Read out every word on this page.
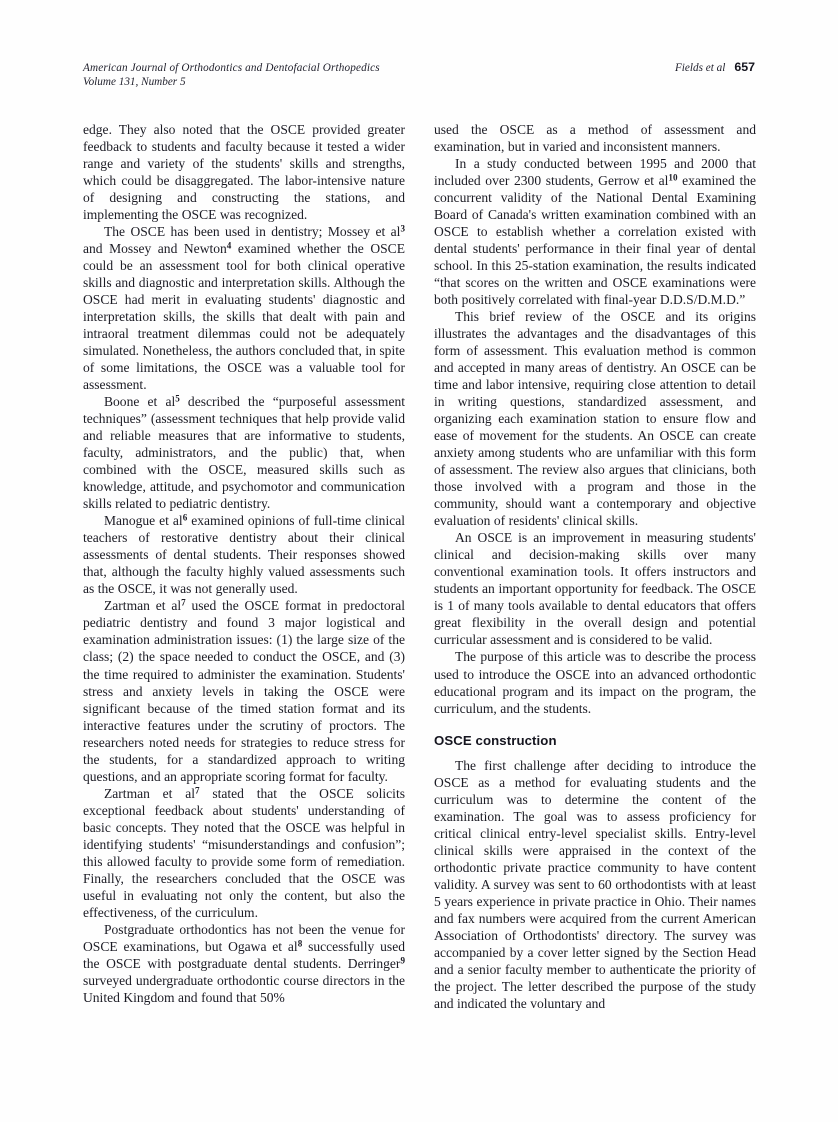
American Journal of Orthodontics and Dentofacial Orthopedics	Fields et al 657
Volume 131, Number 5

edge. They also noted that the OSCE provided greater feedback to students and faculty because it tested a wider range and variety of the students' skills and strengths, which could be disaggregated. The labor-intensive nature of designing and constructing the stations, and implementing the OSCE was recognized.

The OSCE has been used in dentistry; Mossey et $al^3$ and Mossey and Newton$^4$ examined whether the OSCE could be an assessment tool for both clinical operative skills and diagnostic and interpretation skills. Although the OSCE had merit in evaluating students' diagnostic and interpretation skills, the skills that dealt with pain and intraoral treatment dilemmas could not be adequately simulated. Nonetheless, the authors concluded that, in spite of some limitations, the OSCE was a valuable tool for assessment.

Boone et $al^5$ described the “purposeful assessment techniques” (assessment techniques that help provide valid and reliable measures that are informative to students, faculty, administrators, and the public) that, when combined with the OSCE, measured skills such as knowledge, attitude, and psychomotor and communication skills related to pediatric dentistry.

Manogue et $al^6$ examined opinions of full-time clinical teachers of restorative dentistry about their clinical assessments of dental students. Their responses showed that, although the faculty highly valued assessments such as the OSCE, it was not generally used.

Zartman et $al^7$ used the OSCE format in predoctoral pediatric dentistry and found 3 major logistical and examination administration issues: (1) the large size of the class; (2) the space needed to conduct the OSCE, and (3) the time required to administer the examination. Students' stress and anxiety levels in taking the OSCE were significant because of the timed station format and its interactive features under the scrutiny of proctors. The researchers noted needs for strategies to reduce stress for the students, for a standardized approach to writing questions, and an appropriate scoring format for faculty.

Zartman et $al^7$ stated that the OSCE solicits exceptional feedback about students' understanding of basic concepts. They noted that the OSCE was helpful in identifying students' “misunderstandings and confusion”; this allowed faculty to provide some form of remediation. Finally, the researchers concluded that the OSCE was useful in evaluating not only the content, but also the effectiveness, of the curriculum.

Postgraduate orthodontics has not been the venue for OSCE examinations, but Ogawa et $al^8$ successfully used the OSCE with postgraduate dental students. Derringer$^9$ surveyed undergraduate orthodontic course directors in the United Kingdom and found that 50%

used the OSCE as a method of assessment and examination, but in varied and inconsistent manners.

In a study conducted between 1995 and 2000 that included over 2300 students, Gerrow et $al^{10}$ examined the concurrent validity of the National Dental Examining Board of Canada's written examination combined with an OSCE to establish whether a correlation existed with dental students' performance in their final year of dental school. In this 25-station examination, the results indicated “that scores on the written and OSCE examinations were both positively correlated with final-year D.D.S/D.M.D.”

This brief review of the OSCE and its origins illustrates the advantages and the disadvantages of this form of assessment. This evaluation method is common and accepted in many areas of dentistry. An OSCE can be time and labor intensive, requiring close attention to detail in writing questions, standardized assessment, and organizing each examination station to ensure flow and ease of movement for the students. An OSCE can create anxiety among students who are unfamiliar with this form of assessment. The review also argues that clinicians, both those involved with a program and those in the community, should want a contemporary and objective evaluation of residents' clinical skills.

An OSCE is an improvement in measuring students' clinical and decision-making skills over many conventional examination tools. It offers instructors and students an important opportunity for feedback. The OSCE is 1 of many tools available to dental educators that offers great flexibility in the overall design and potential curricular assessment and is considered to be valid.

The purpose of this article was to describe the process used to introduce the OSCE into an advanced orthodontic educational program and its impact on the program, the curriculum, and the students.

OSCE construction

The first challenge after deciding to introduce the OSCE as a method for evaluating students and the curriculum was to determine the content of the examination. The goal was to assess proficiency for critical clinical entry-level specialist skills. Entry-level clinical skills were appraised in the context of the orthodontic private practice community to have content validity. A survey was sent to 60 orthodontists with at least 5 years experience in private practice in Ohio. Their names and fax numbers were acquired from the current American Association of Orthodontists' directory. The survey was accompanied by a cover letter signed by the Section Head and a senior faculty member to authenticate the priority of the project. The letter described the purpose of the study and indicated the voluntary and
